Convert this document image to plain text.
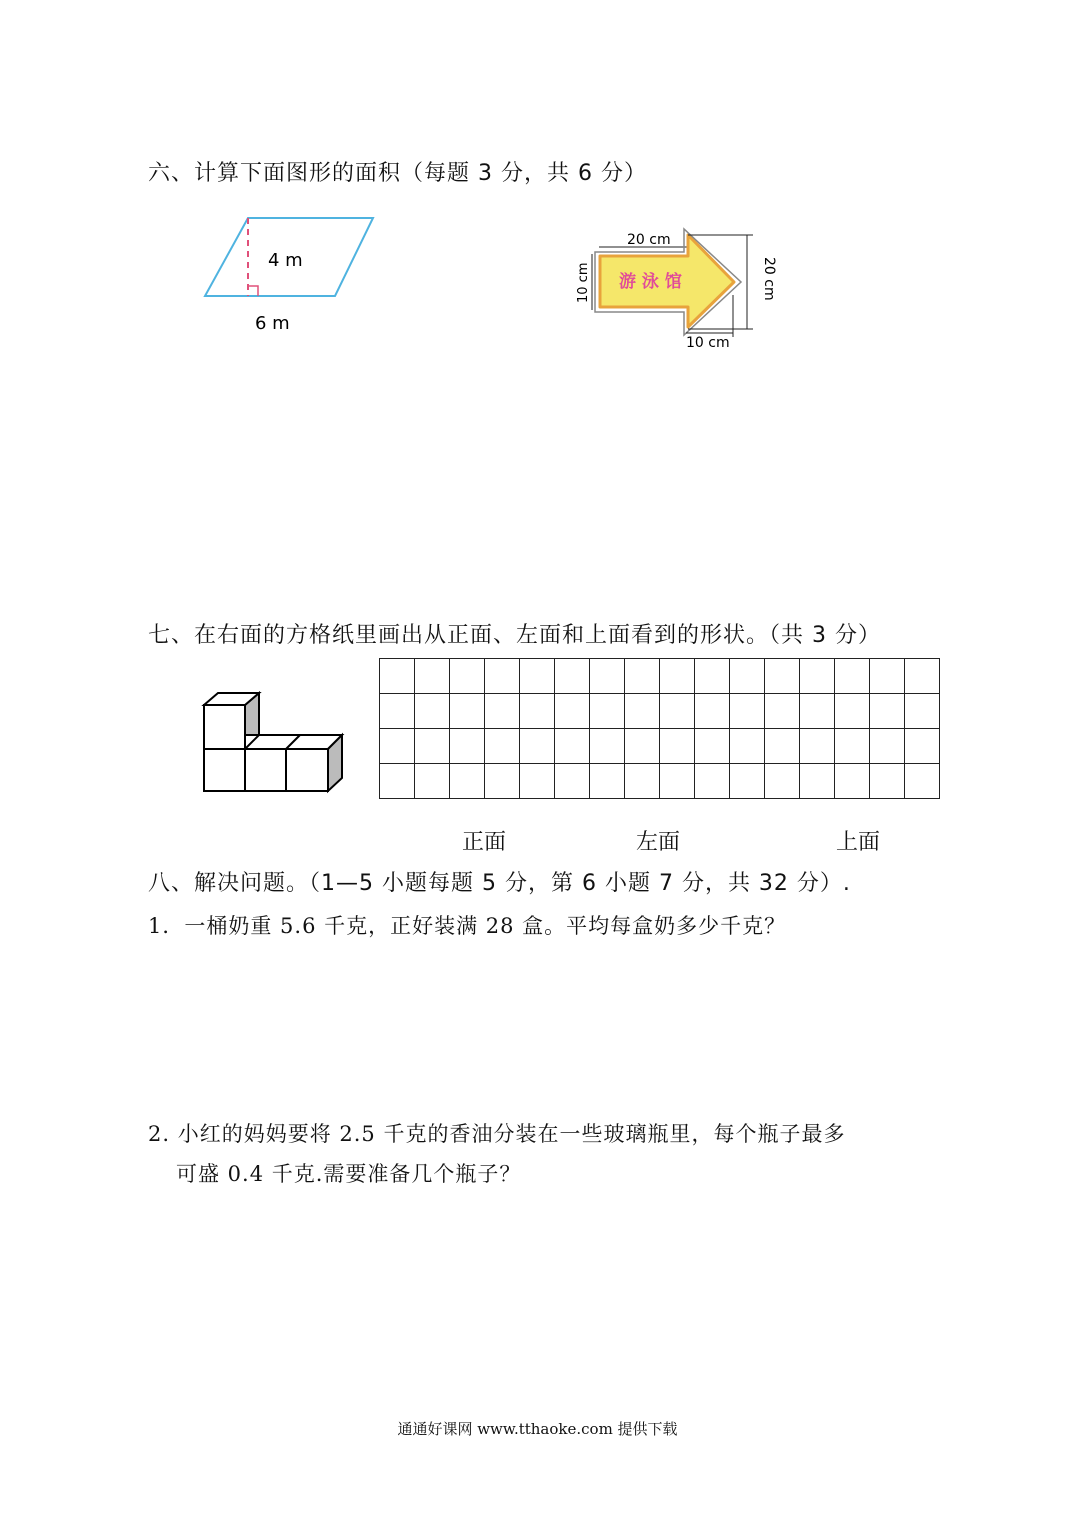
六、计算下面图形的面积（每题 3 分，共 6 分）
4 m
6 m
20 cm
游 泳 馆
10 cm	20 cm
10 cm
七、在右面的方格纸里画出从正面、左面和上面看到的形状。（共 3 分）
正面	左面	上面
八、解决问题。（1—5 小题每题 5 分，第 6 小题 7 分，共 32 分）.
1．一桶奶重 5.6 千克，正好装满 28 盒。平均每盒奶多少千克？
2. 小红的妈妈要将 2.5 千克的香油分装在一些玻璃瓶里，每个瓶子最多
可盛 0.4 千克.需要准备几个瓶子？
通通好课网 www.tthaoke.com 提供下载
